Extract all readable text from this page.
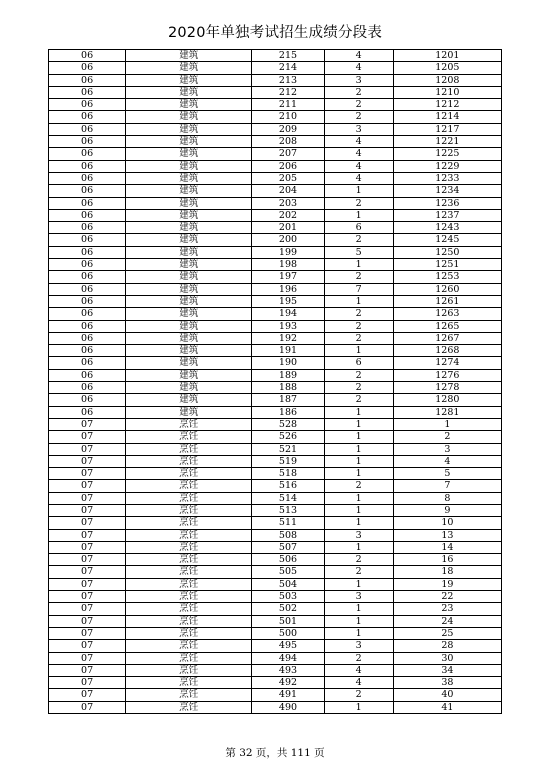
2020年单独考试招生成绩分段表
06	建筑	215	4	1201
06	建筑	214	4	1205
06	建筑	213	3	1208
06	建筑	212	2	1210
06	建筑	211	2	1212
06	建筑	210	2	1214
06	建筑	209	3	1217
06	建筑	208	4	1221
06	建筑	207	4	1225
06	建筑	206	4	1229
06	建筑	205	4	1233
06	建筑	204	1	1234
06	建筑	203	2	1236
06	建筑	202	1	1237
06	建筑	201	6	1243
06	建筑	200	2	1245
06	建筑	199	5	1250
06	建筑	198	1	1251
06	建筑	197	2	1253
06	建筑	196	7	1260
06	建筑	195	1	1261
06	建筑	194	2	1263
06	建筑	193	2	1265
06	建筑	192	2	1267
06	建筑	191	1	1268
06	建筑	190	6	1274
06	建筑	189	2	1276
06	建筑	188	2	1278
06	建筑	187	2	1280
06	建筑	186	1	1281
07	烹饪	528	1	1
07	烹饪	526	1	2
07	烹饪	521	1	3
07	烹饪	519	1	4
07	烹饪	518	1	5
07	烹饪	516	2	7
07	烹饪	514	1	8
07	烹饪	513	1	9
07	烹饪	511	1	10
07	烹饪	508	3	13
07	烹饪	507	1	14
07	烹饪	506	2	16
07	烹饪	505	2	18
07	烹饪	504	1	19
07	烹饪	503	3	22
07	烹饪	502	1	23
07	烹饪	501	1	24
07	烹饪	500	1	25
07	烹饪	495	3	28
07	烹饪	494	2	30
07	烹饪	493	4	34
07	烹饪	492	4	38
07	烹饪	491	2	40
07	烹饪	490	1	41
第 32 页，共 111 页
